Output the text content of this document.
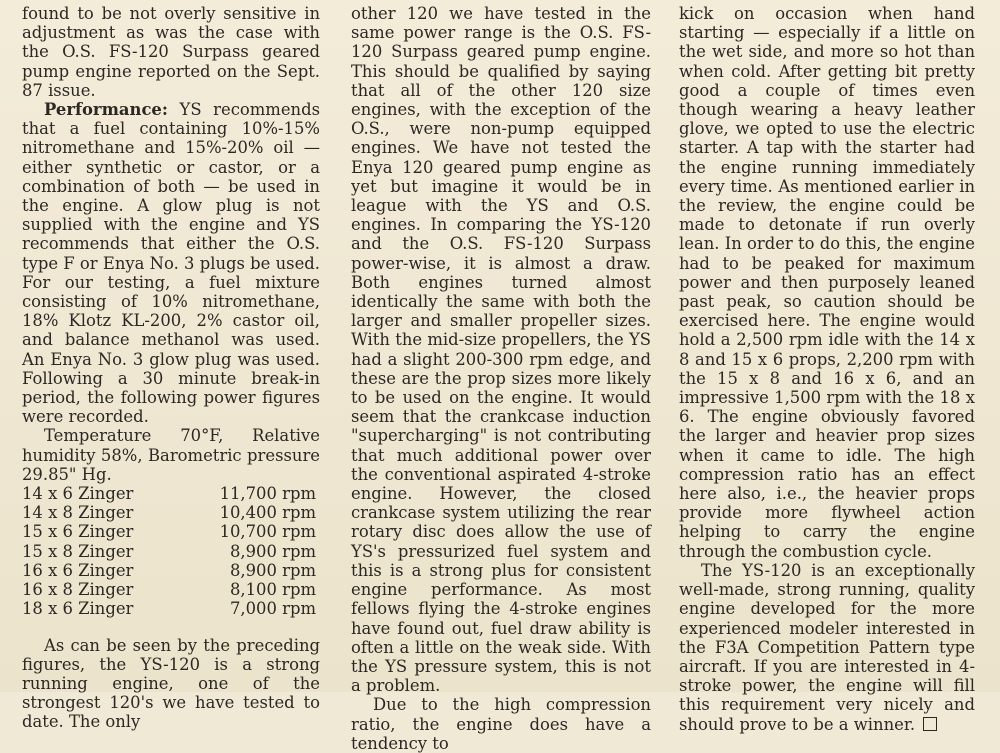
found to be not overly sensitive in adjustment as was the case with the O.S. FS-120 Surpass geared pump engine reported on the Sept. 87 issue.

Performance: YS recommends that a fuel containing 10%-15% nitromethane and 15%-20% oil — either synthetic or castor, or a combination of both — be used in the engine. A glow plug is not supplied with the engine and YS recommends that either the O.S. type F or Enya No. 3 plugs be used. For our testing, a fuel mixture consisting of 10% nitromethane, 18% Klotz KL-200, 2% castor oil, and balance methanol was used. An Enya No. 3 glow plug was used. Following a 30 minute break-in period, the following power figures were recorded.

Temperature 70°F, Relative humidity 58%, Barometric pressure 29.85" Hg.

14 x 6 Zinger	11,700 rpm
14 x 8 Zinger	10,400 rpm
15 x 6 Zinger	10,700 rpm
15 x 8 Zinger	8,900 rpm
16 x 6 Zinger	8,900 rpm
16 x 8 Zinger	8,100 rpm
18 x 6 Zinger	7,000 rpm

As can be seen by the preceding figures, the YS-120 is a strong running engine, one of the strongest 120's we have tested to date. The only

other 120 we have tested in the same power range is the O.S. FS-120 Surpass geared pump engine. This should be qualified by saying that all of the other 120 size engines, with the exception of the O.S., were non-pump equipped engines. We have not tested the Enya 120 geared pump engine as yet but imagine it would be in league with the YS and O.S. engines. In comparing the YS-120 and the O.S. FS-120 Surpass power-wise, it is almost a draw. Both engines turned almost identically the same with both the larger and smaller propeller sizes. With the mid-size propellers, the YS had a slight 200-300 rpm edge, and these are the prop sizes more likely to be used on the engine. It would seem that the crankcase induction "supercharging" is not contributing that much additional power over the conventional aspirated 4-stroke engine. However, the closed crankcase system utilizing the rear rotary disc does allow the use of YS's pressurized fuel system and this is a strong plus for consistent engine performance. As most fellows flying the 4-stroke engines have found out, fuel draw ability is often a little on the weak side. With the YS pressure system, this is not a problem.

Due to the high compression ratio, the engine does have a tendency to

kick on occasion when hand starting — especially if a little on the wet side, and more so hot than when cold. After getting bit pretty good a couple of times even though wearing a heavy leather glove, we opted to use the electric starter. A tap with the starter had the engine running immediately every time. As mentioned earlier in the review, the engine could be made to detonate if run overly lean. In order to do this, the engine had to be peaked for maximum power and then purposely leaned past peak, so caution should be exercised here. The engine would hold a 2,500 rpm idle with the 14 x 8 and 15 x 6 props, 2,200 rpm with the 15 x 8 and 16 x 6, and an impressive 1,500 rpm with the 18 x 6. The engine obviously favored the larger and heavier prop sizes when it came to idle. The high compression ratio has an effect here also, i.e., the heavier props provide more flywheel action helping to carry the engine through the combustion cycle.

The YS-120 is an exceptionally well-made, strong running, quality engine developed for the more experienced modeler interested in the F3A Competition Pattern type aircraft. If you are interested in 4-stroke power, the engine will fill this requirement very nicely and should prove to be a winner.
